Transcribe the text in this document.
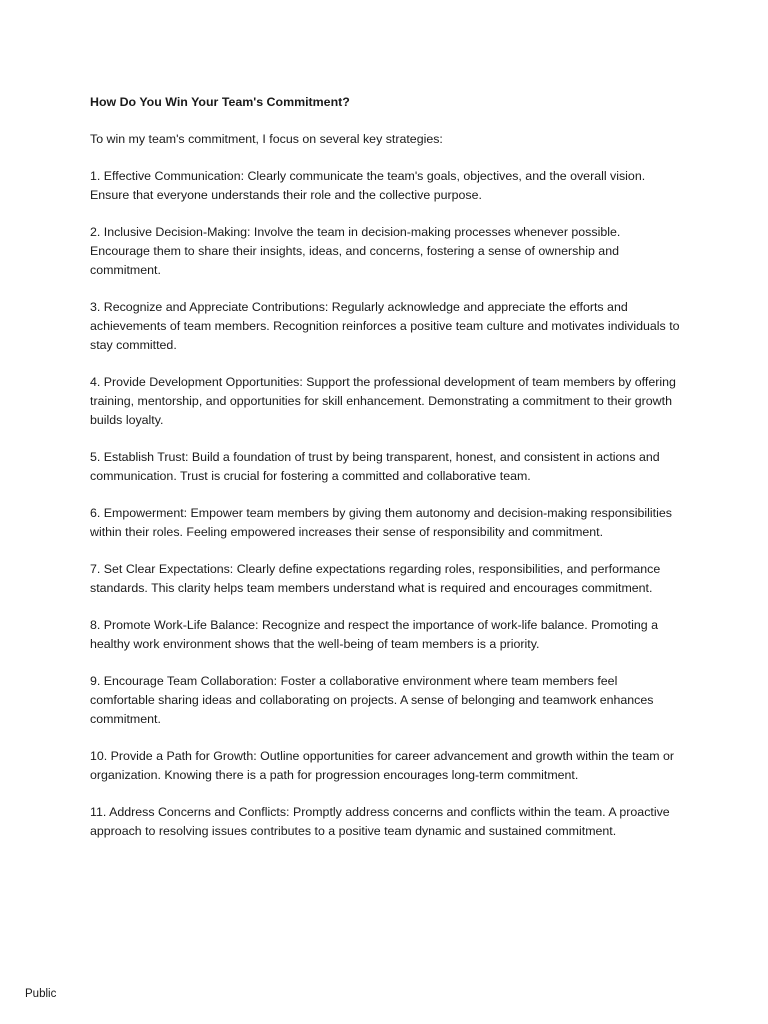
How Do You Win Your Team's Commitment?
To win my team's commitment, I focus on several key strategies:
1. Effective Communication: Clearly communicate the team's goals, objectives, and the overall vision. Ensure that everyone understands their role and the collective purpose.
2. Inclusive Decision-Making: Involve the team in decision-making processes whenever possible. Encourage them to share their insights, ideas, and concerns, fostering a sense of ownership and commitment.
3. Recognize and Appreciate Contributions: Regularly acknowledge and appreciate the efforts and achievements of team members. Recognition reinforces a positive team culture and motivates individuals to stay committed.
4. Provide Development Opportunities: Support the professional development of team members by offering training, mentorship, and opportunities for skill enhancement. Demonstrating a commitment to their growth builds loyalty.
5. Establish Trust: Build a foundation of trust by being transparent, honest, and consistent in actions and communication. Trust is crucial for fostering a committed and collaborative team.
6. Empowerment: Empower team members by giving them autonomy and decision-making responsibilities within their roles. Feeling empowered increases their sense of responsibility and commitment.
7. Set Clear Expectations: Clearly define expectations regarding roles, responsibilities, and performance standards. This clarity helps team members understand what is required and encourages commitment.
8. Promote Work-Life Balance: Recognize and respect the importance of work-life balance. Promoting a healthy work environment shows that the well-being of team members is a priority.
9. Encourage Team Collaboration: Foster a collaborative environment where team members feel comfortable sharing ideas and collaborating on projects. A sense of belonging and teamwork enhances commitment.
10. Provide a Path for Growth: Outline opportunities for career advancement and growth within the team or organization. Knowing there is a path for progression encourages long-term commitment.
11. Address Concerns and Conflicts: Promptly address concerns and conflicts within the team. A proactive approach to resolving issues contributes to a positive team dynamic and sustained commitment.
Public
